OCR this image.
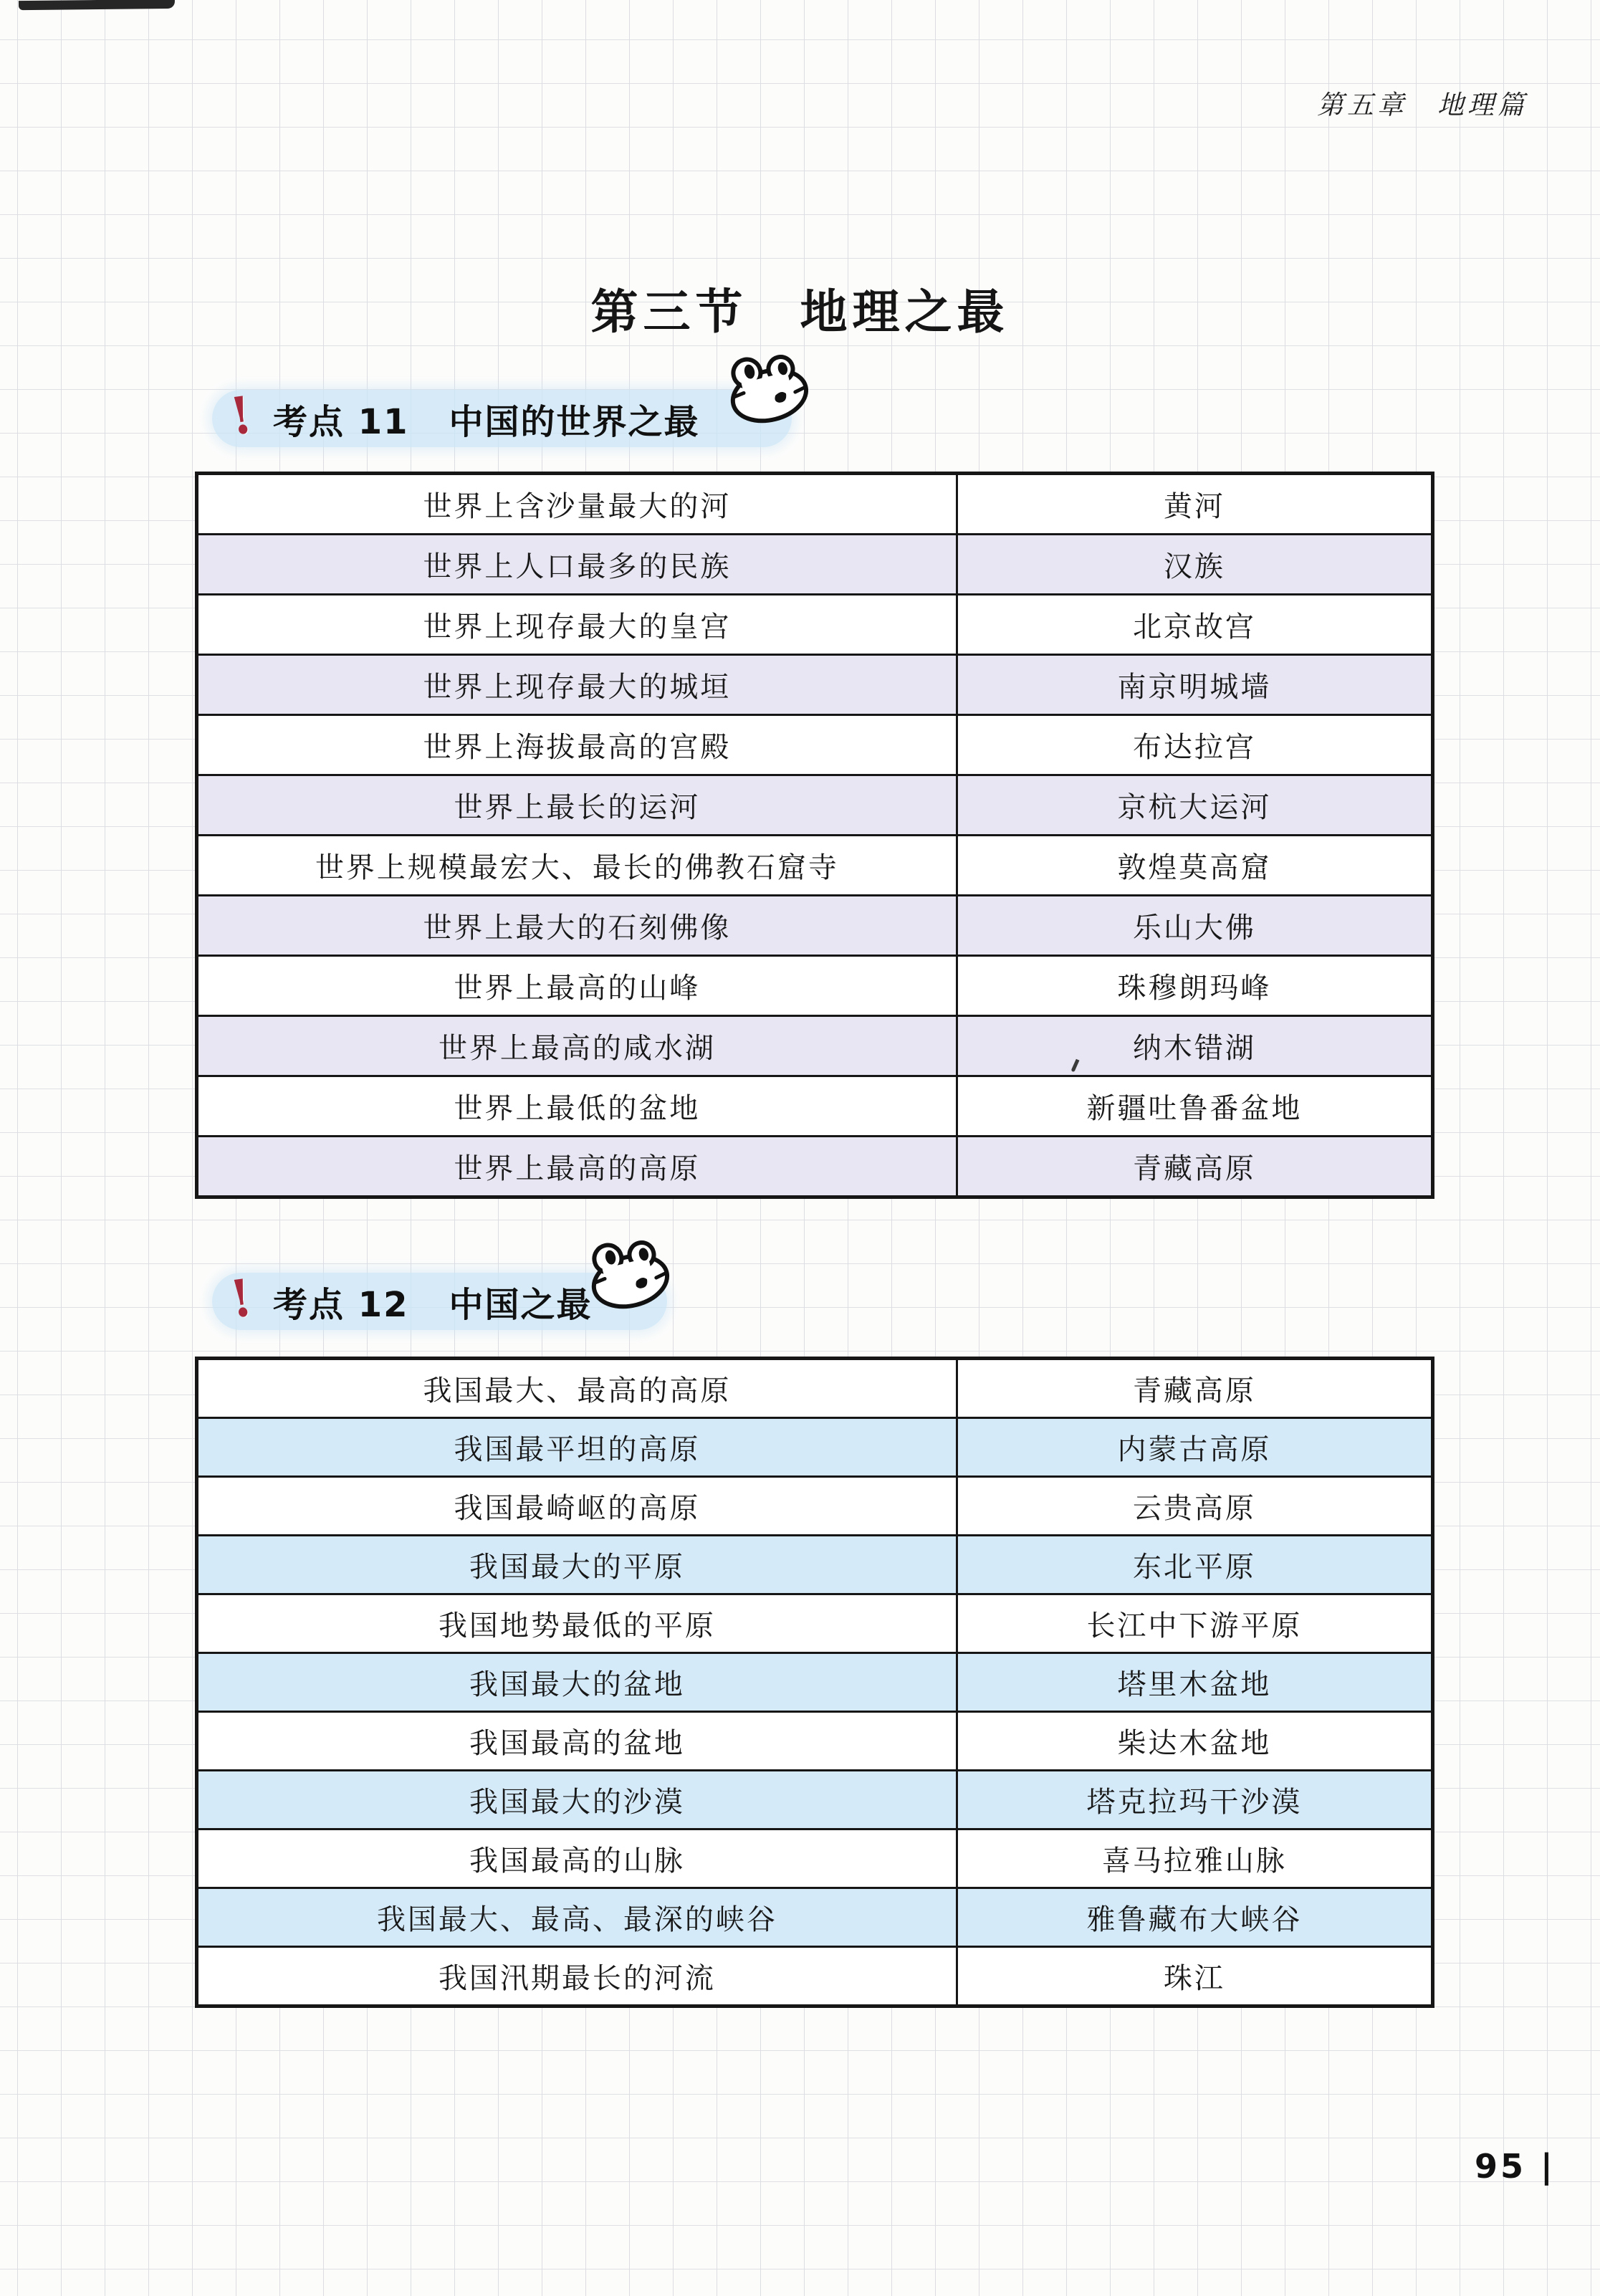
第五章　地理篇
第三节　地理之最
! 考点 11 中国的世界之最
世界上含沙量最大的河	黄河
世界上人口最多的民族	汉族
世界上现存最大的皇宫	北京故宫
世界上现存最大的城垣	南京明城墙
世界上海拔最高的宫殿	布达拉宫
世界上最长的运河	京杭大运河
世界上规模最宏大、最长的佛教石窟寺	敦煌莫高窟
世界上最大的石刻佛像	乐山大佛
世界上最高的山峰	珠穆朗玛峰
世界上最高的咸水湖	纳木错湖
世界上最低的盆地	新疆吐鲁番盆地
世界上最高的高原	青藏高原
! 考点 12 中国之最
我国最大、最高的高原	青藏高原
我国最平坦的高原	内蒙古高原
我国最崎岖的高原	云贵高原
我国最大的平原	东北平原
我国地势最低的平原	长江中下游平原
我国最大的盆地	塔里木盆地
我国最高的盆地	柴达木盆地
我国最大的沙漠	塔克拉玛干沙漠
我国最高的山脉	喜马拉雅山脉
我国最大、最高、最深的峡谷	雅鲁藏布大峡谷
我国汛期最长的河流	珠江
95 |
